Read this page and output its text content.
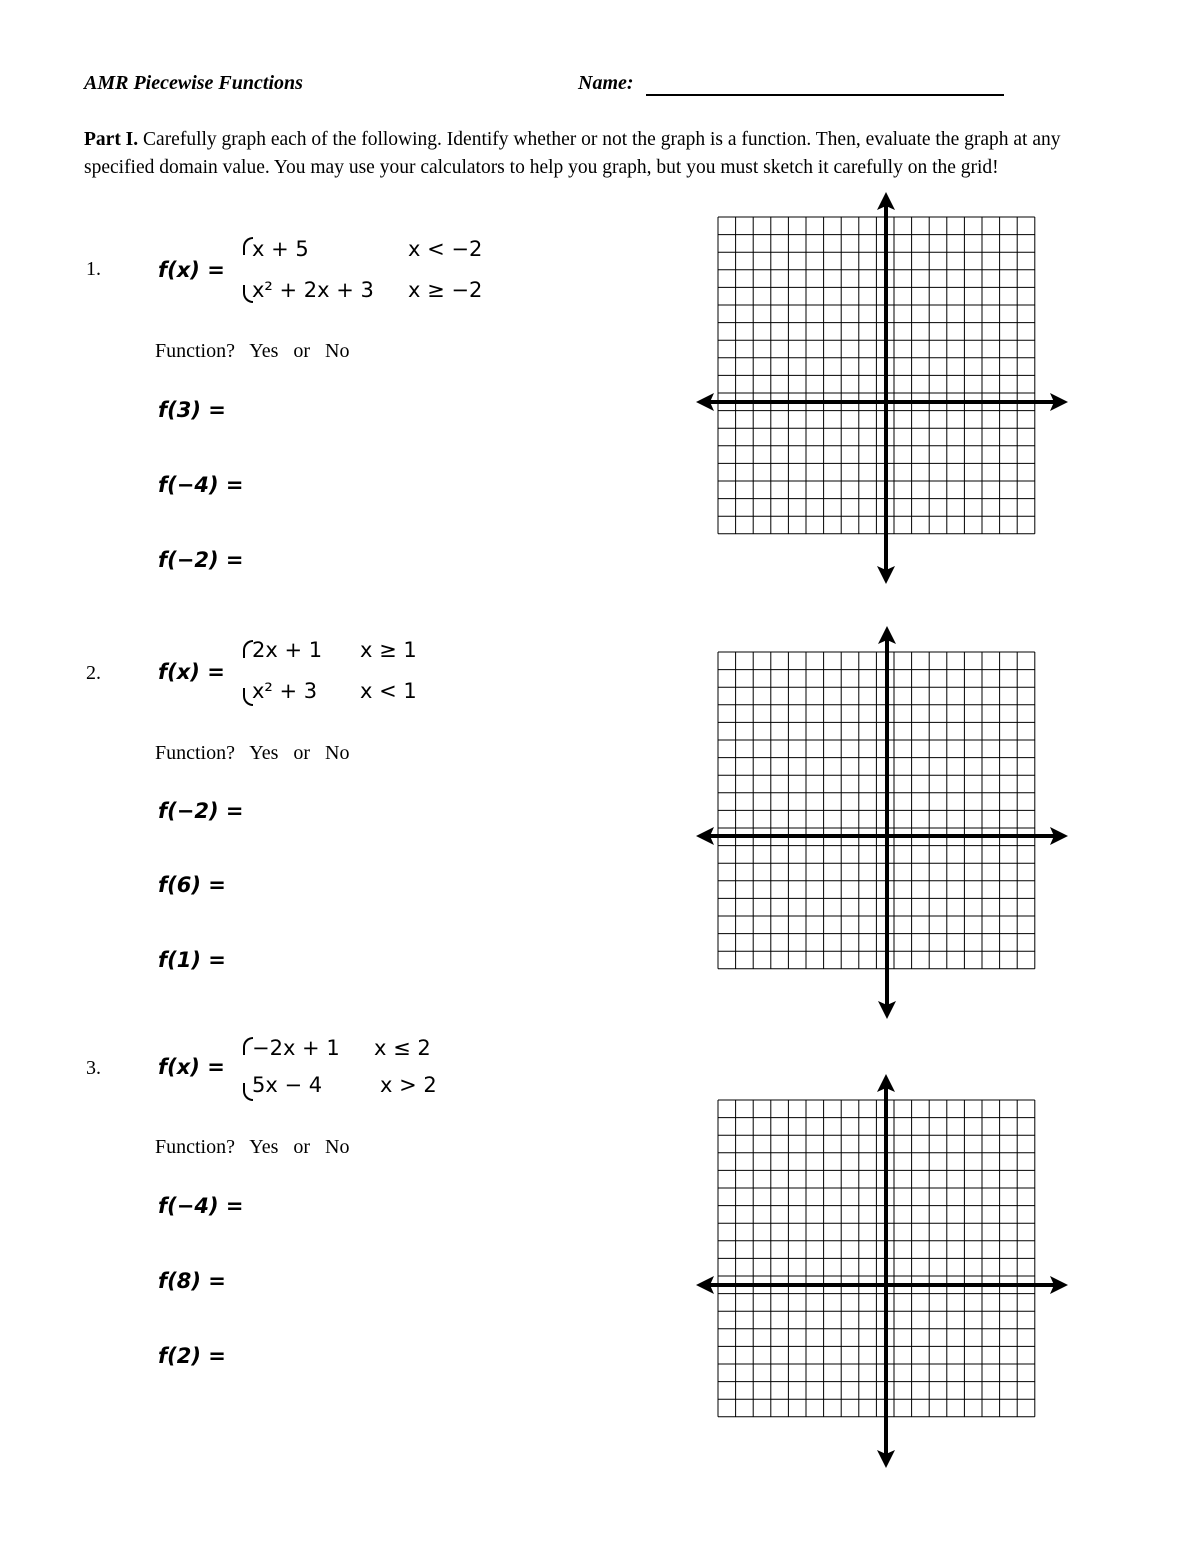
AMR Piecewise Functions	Name:
Part I. Carefully graph each of the following. Identify whether or not the graph is a function. Then, evaluate the graph at any specified domain value. You may use your calculators to help you graph, but you must sketch it carefully on the grid!
1.	f(x) =
x + 5	x < −2
x² + 2x + 3 x ≥ −2
Function? Yes or No
f(3) =
f(−4) =
f(−2) =
2.	f(x) =
2x + 1 x ≥ 1
x² + 3 x < 1
Function? Yes or No
f(−2) =
f(6) =
f(1) =
3.	f(x) =
−2x + 1 x ≤ 2
5x − 4	x > 2
Function? Yes or No
f(−4) =
f(8) =
f(2) =
